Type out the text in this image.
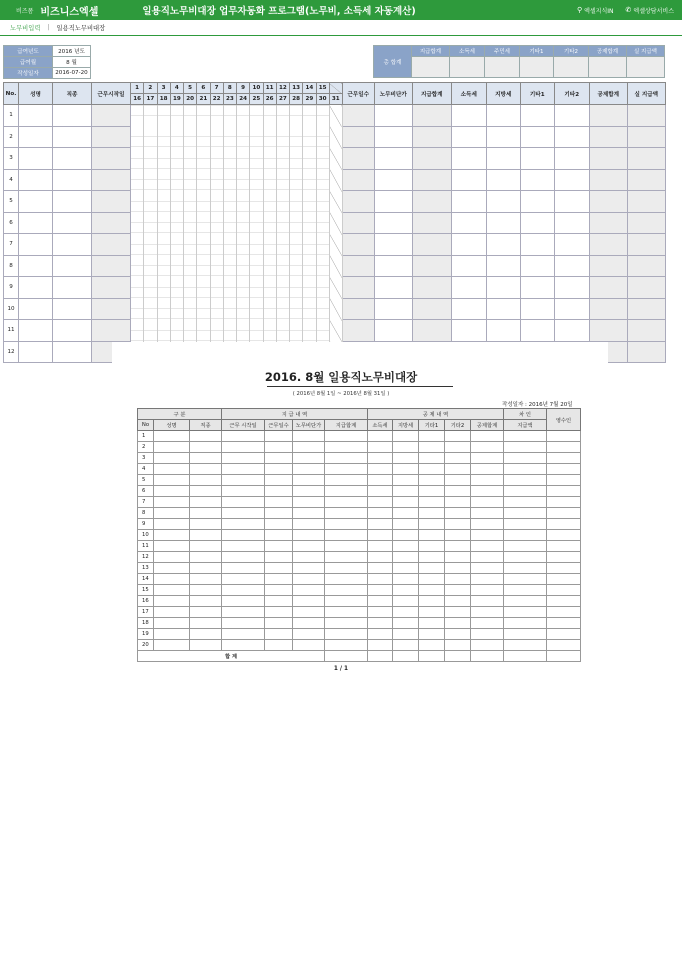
비즈폼 비즈니스엑셀	일용직노무비대장 업무자동화 프로그램(노무비, 소득세 자동계산)	⚲ 엑셀지식IN ✆ 엑셀상담서비스
노무비입력 | 일용직노무비대장
급여년도	2016 년도
급여월	8 월
작성일자	2016-07-20
총 합계	지급합계	소득세	주민세	기타1	기타2	공제합계	실 지급액

No.	성명	직종	근무시작일	1	2	3	4	5	6	7	8	9	10	11	12	13	14	15		근무일수	노무비단가	지급합계	소득세	지방세	기타1	기타2	공제합계	실 지급액
				16	17	18	19	20	21	22	23	24	25	26	27	28	29	30	31									
1																												
2																												
3																												
4																												
5																												
6																												
7																												
8																												
9																												
10																												
11																												
12																												
2016. 8월 일용직노무비대장
( 2016년 8월 1일 ~ 2016년 8월 31일 )
작성일자 : 2016년 7월 20일
구 분			지 급 내 역				공 제 내 역					차 인	영수인
No	성명	직종	근무 시작일	근무일수	노무비단가	지급합계	소득세	지방세	기타1	기타2	공제합계	지급액	
1													
2													
3													
4													
5													
6													
7													
8													
9													
10													
11													
12													
13													
14													
15													
16													
17													
18													
19													
20													
합 계													
1 / 1
